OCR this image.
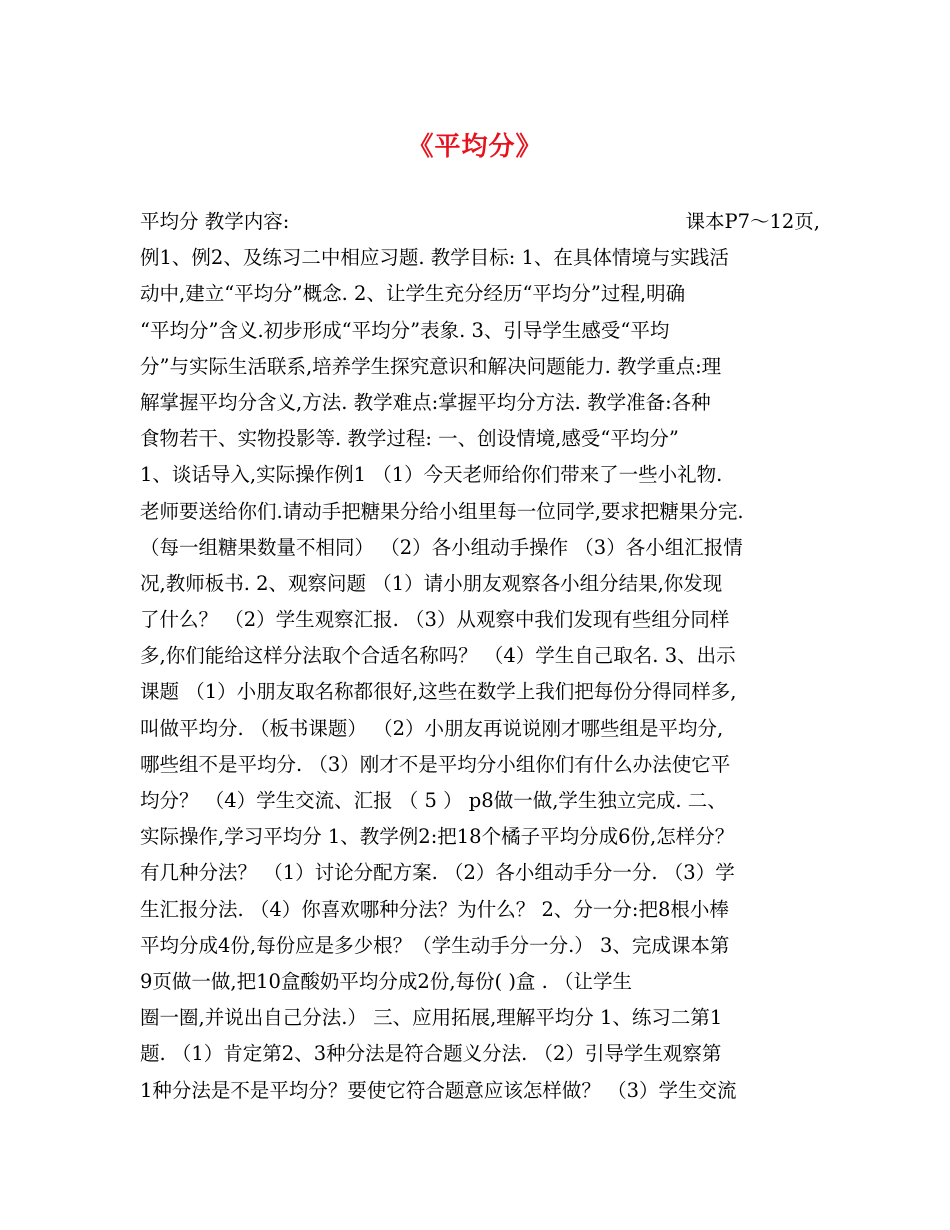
《平均分》
平均分 教学内容:	课本P7～12页,
例1、例2、及练习二中相应习题. 教学目标: 1、在具体情境与实践活
动中,建立“平均分”概念. 2、让学生充分经历“平均分”过程,明确
“平均分”含义.初步形成“平均分”表象. 3、引导学生感受“平均
分”与实际生活联系,培养学生探究意识和解决问题能力. 教学重点:理
解掌握平均分含义,方法. 教学难点:掌握平均分方法. 教学准备:各种
食物若干、实物投影等. 教学过程: 一、创设情境,感受“平均分”
1、谈话导入,实际操作例1 （1）今天老师给你们带来了一些小礼物.
老师要送给你们.请动手把糖果分给小组里每一位同学,要求把糖果分完.
（每一组糖果数量不相同） （2）各小组动手操作 （3）各小组汇报情
况,教师板书. 2、观察问题 （1）请小朋友观察各小组分结果,你发现
了什么？ （2）学生观察汇报. （3）从观察中我们发现有些组分同样
多,你们能给这样分法取个合适名称吗？ （4）学生自己取名. 3、出示
课题 （1）小朋友取名称都很好,这些在数学上我们把每份分得同样多,
叫做平均分. （板书课题） （2）小朋友再说说刚才哪些组是平均分,
哪些组不是平均分. （3）刚才不是平均分小组你们有什么办法使它平
均分？ （4）学生交流、汇报 （ 5 ） p8做一做,学生独立完成. 二、
实际操作,学习平均分 1、教学例2:把18个橘子平均分成6份,怎样分？
有几种分法？ （1）讨论分配方案. （2）各小组动手分一分. （3）学
生汇报分法. （4）你喜欢哪种分法？为什么？ 2、分一分:把8根小棒
平均分成4份,每份应是多少根？（学生动手分一分.） 3、完成课本第
9页做一做,把10盒酸奶平均分成2份,每份( )盒 . （让学生
圈一圈,并说出自己分法.） 三、应用拓展,理解平均分 1、练习二第1
题. （1）肯定第2、3种分法是符合题义分法. （2）引导学生观察第
1种分法是不是平均分？要使它符合题意应该怎样做？ （3）学生交流
